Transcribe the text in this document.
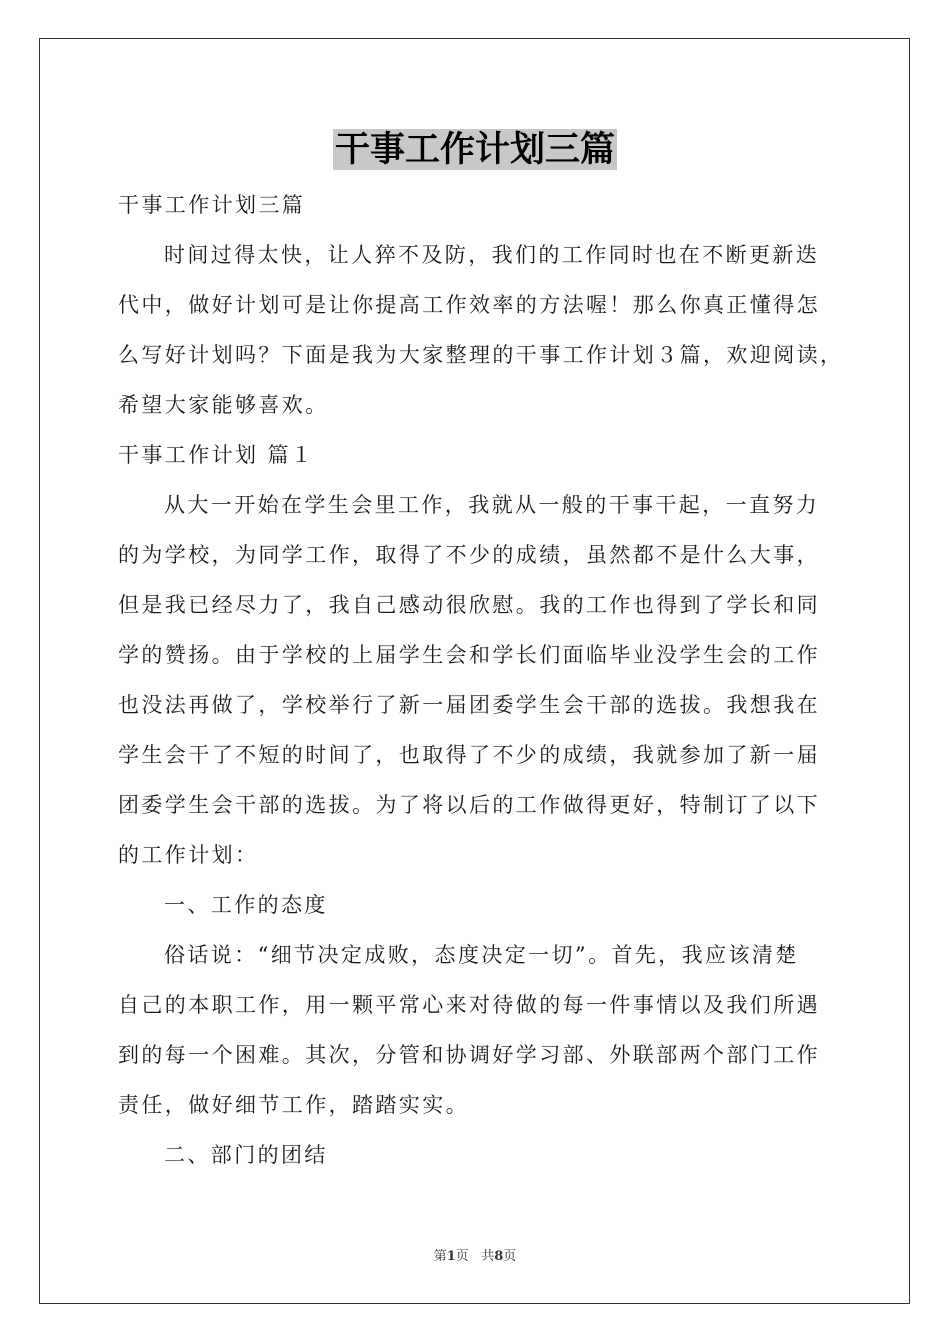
干事工作计划三篇
干事工作计划三篇
时间过得太快，让人猝不及防，我们的工作同时也在不断更新迭
代中，做好计划可是让你提高工作效率的方法喔！那么你真正懂得怎
么写好计划吗？下面是我为大家整理的干事工作计划３篇，欢迎阅读，
希望大家能够喜欢。
干事工作计划 篇１
从大一开始在学生会里工作，我就从一般的干事干起，一直努力
的为学校，为同学工作，取得了不少的成绩，虽然都不是什么大事，
但是我已经尽力了，我自己感动很欣慰。我的工作也得到了学长和同
学的赞扬。由于学校的上届学生会和学长们面临毕业没学生会的工作
也没法再做了，学校举行了新一届团委学生会干部的选拔。我想我在
学生会干了不短的时间了，也取得了不少的成绩，我就参加了新一届
团委学生会干部的选拔。为了将以后的工作做得更好，特制订了以下
的工作计划：
一、工作的态度
俗话说：“细节决定成败，态度决定一切”。首先，我应该清楚
自己的本职工作，用一颗平常心来对待做的每一件事情以及我们所遇
到的每一个困难。其次，分管和协调好学习部、外联部两个部门工作
责任，做好细节工作，踏踏实实。
二、部门的团结
第1页 共8页
